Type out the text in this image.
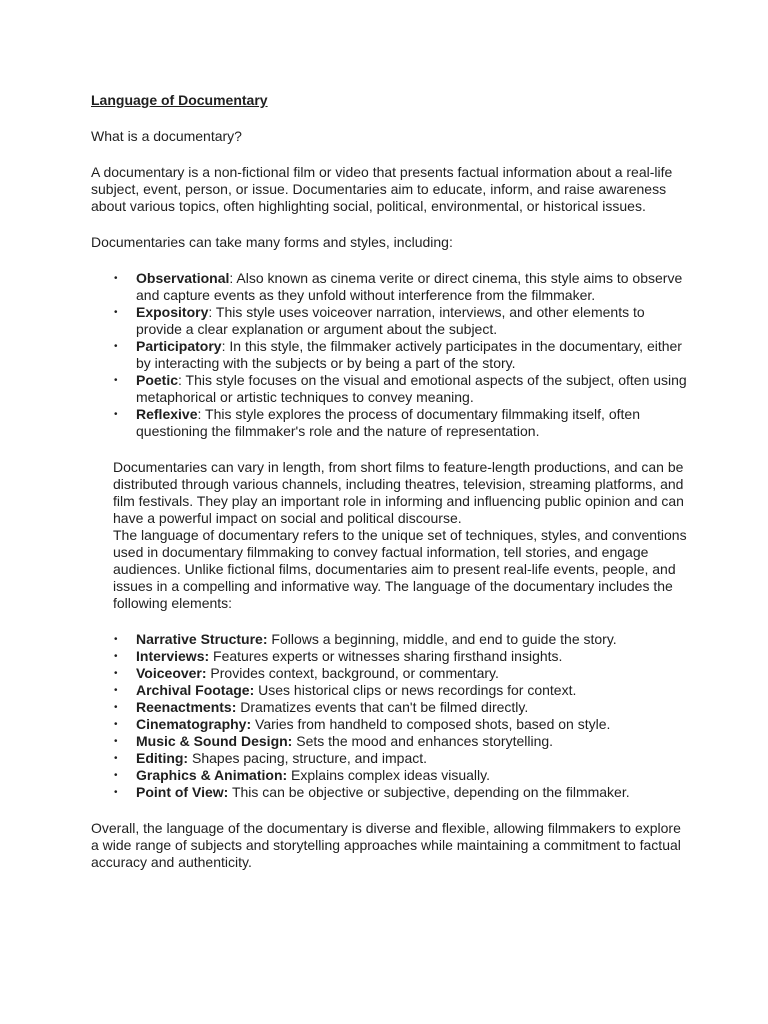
Language of Documentary

What is a documentary?

A documentary is a non-fictional film or video that presents factual information about a real-life subject, event, person, or issue. Documentaries aim to educate, inform, and raise awareness about various topics, often highlighting social, political, environmental, or historical issues.

Documentaries can take many forms and styles, including:

• Observational: Also known as cinema verite or direct cinema, this style aims to observe and capture events as they unfold without interference from the filmmaker.
• Expository: This style uses voiceover narration, interviews, and other elements to provide a clear explanation or argument about the subject.
• Participatory: In this style, the filmmaker actively participates in the documentary, either by interacting with the subjects or by being a part of the story.
• Poetic: This style focuses on the visual and emotional aspects of the subject, often using metaphorical or artistic techniques to convey meaning.
• Reflexive: This style explores the process of documentary filmmaking itself, often questioning the filmmaker's role and the nature of representation.

Documentaries can vary in length, from short films to feature-length productions, and can be distributed through various channels, including theatres, television, streaming platforms, and film festivals. They play an important role in informing and influencing public opinion and can have a powerful impact on social and political discourse.

The language of documentary refers to the unique set of techniques, styles, and conventions used in documentary filmmaking to convey factual information, tell stories, and engage audiences. Unlike fictional films, documentaries aim to present real-life events, people, and issues in a compelling and informative way. The language of the documentary includes the following elements:

• Narrative Structure: Follows a beginning, middle, and end to guide the story.
• Interviews: Features experts or witnesses sharing firsthand insights.
• Voiceover: Provides context, background, or commentary.
• Archival Footage: Uses historical clips or news recordings for context.
• Reenactments: Dramatizes events that can't be filmed directly.
• Cinematography: Varies from handheld to composed shots, based on style.
• Music & Sound Design: Sets the mood and enhances storytelling.
• Editing: Shapes pacing, structure, and impact.
• Graphics & Animation: Explains complex ideas visually.
• Point of View: This can be objective or subjective, depending on the filmmaker.

Overall, the language of the documentary is diverse and flexible, allowing filmmakers to explore a wide range of subjects and storytelling approaches while maintaining a commitment to factual accuracy and authenticity.
